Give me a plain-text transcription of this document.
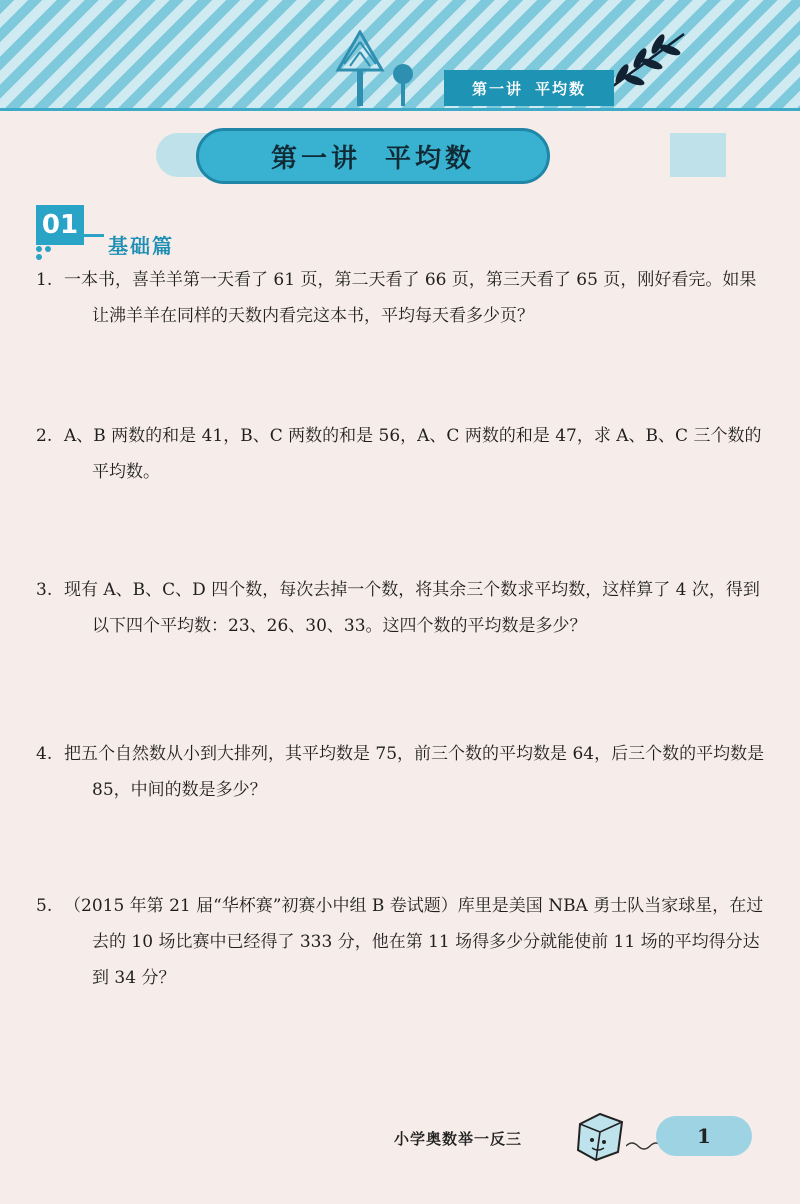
第一讲 平均数
第一讲 平均数
01
基础篇
1. 一本书，喜羊羊第一天看了 61 页，第二天看了 66 页，第三天看了 65 页，刚好看完。如果让沸羊羊在同样的天数内看完这本书，平均每天看多少页？
2. A、B 两数的和是 41，B、C 两数的和是 56，A、C 两数的和是 47，求 A、B、C 三个数的平均数。
3. 现有 A、B、C、D 四个数，每次去掉一个数，将其余三个数求平均数，这样算了 4 次，得到以下四个平均数：23、26、30、33。这四个数的平均数是多少？
4. 把五个自然数从小到大排列，其平均数是 75，前三个数的平均数是 64，后三个数的平均数是 85，中间的数是多少？
5. （2015 年第 21 届“华杯赛”初赛小中组 B 卷试题）库里是美国 NBA 勇士队当家球星，在过去的 10 场比赛中已经得了 333 分，他在第 11 场得多少分就能使前 11 场的平均得分达到 34 分？
小学奥数举一反三	1
